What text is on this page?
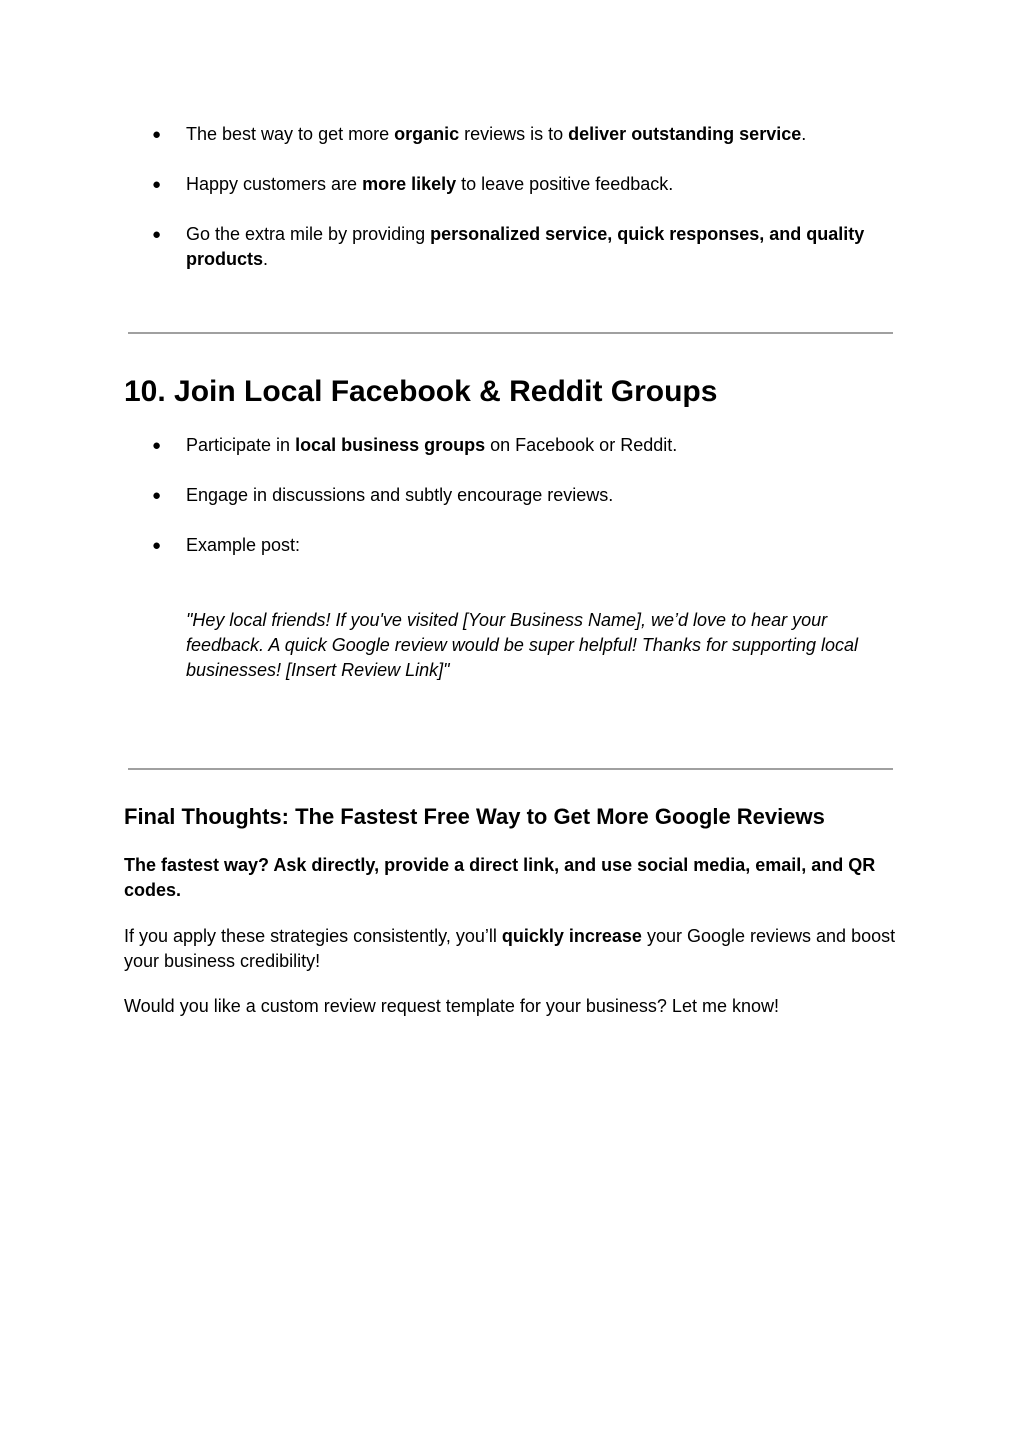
● The best way to get more organic reviews is to deliver outstanding service.
● Happy customers are more likely to leave positive feedback.
● Go the extra mile by providing personalized service, quick responses, and quality products.
10. Join Local Facebook & Reddit Groups
● Participate in local business groups on Facebook or Reddit.
● Engage in discussions and subtly encourage reviews.
● Example post:

"Hey local friends! If you've visited [Your Business Name], we’d love to hear your feedback. A quick Google review would be super helpful! Thanks for supporting local businesses! [Insert Review Link]"

Final Thoughts: The Fastest Free Way to Get More Google Reviews

The fastest way? Ask directly, provide a direct link, and use social media, email, and QR codes.

If you apply these strategies consistently, you’ll quickly increase your Google reviews and boost your business credibility!

Would you like a custom review request template for your business? Let me know!
